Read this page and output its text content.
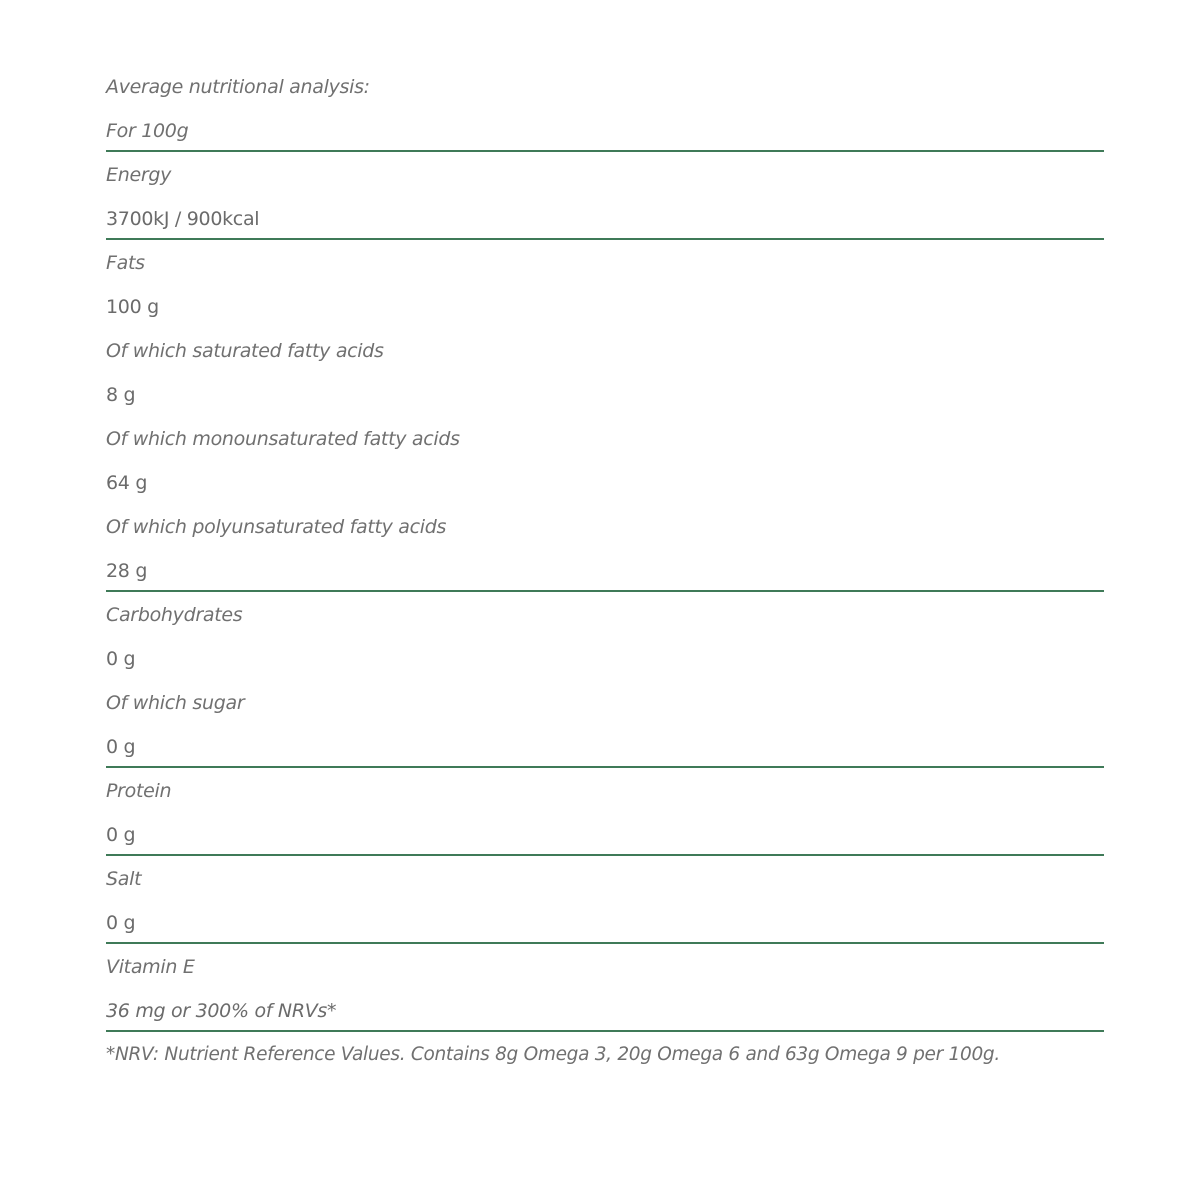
Average nutritional analysis:
For 100g
Energy
3700kJ / 900kcal
Fats
100 g
Of which saturated fatty acids
8 g
Of which monounsaturated fatty acids
64 g
Of which polyunsaturated fatty acids
28 g
Carbohydrates
0 g
Of which sugar
0 g
Protein
0 g
Salt
0 g
Vitamin E
36 mg or 300% of NRVs*
*NRV: Nutrient Reference Values. Contains 8g Omega 3, 20g Omega 6 and 63g Omega 9 per 100g.
